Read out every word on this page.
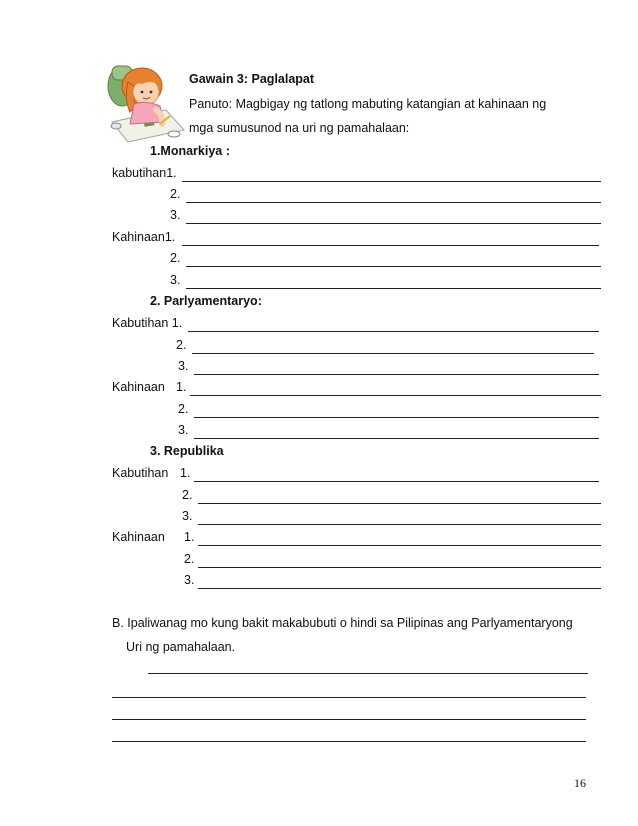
Gawain 3: Paglalapat
Panuto: Magbigay ng tatlong mabuting katangian at kahinaan ng
mga sumusunod na uri ng pamahalaan:
1.Monarkiya :
kabutihan1.
2.
3.
Kahinaan1.
2.
3.
2. Parlyamentaryo:
Kabutihan 1.
2.
3.
Kahinaan 1.
2.
3.
3. Republika
Kabutihan 1.
2.
3.
Kahinaan 1.
2.
3.
B. Ipaliwanag mo kung bakit makabubuti o hindi sa Pilipinas ang Parlyamentaryong
Uri ng pamahalaan.
16
